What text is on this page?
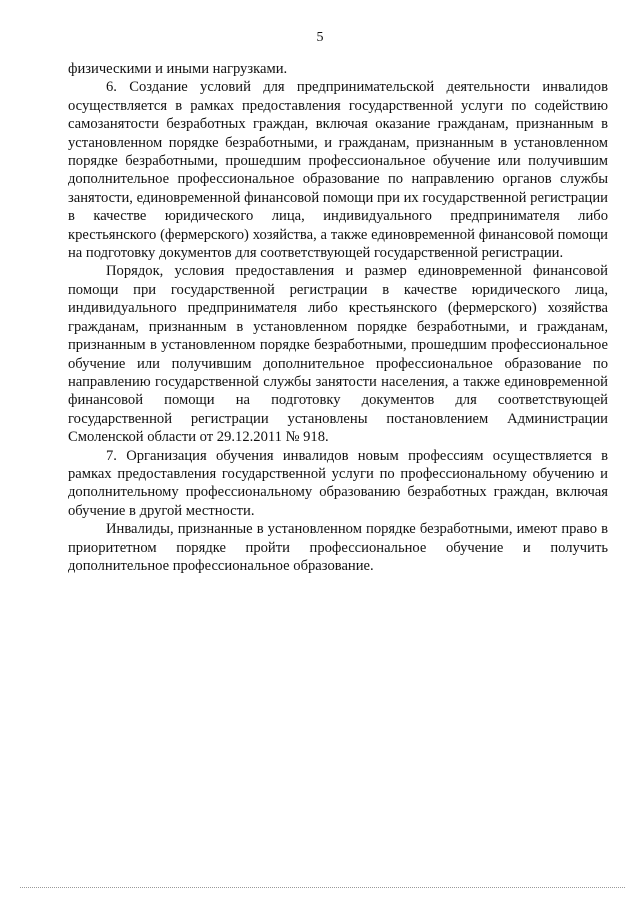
5

физическими и иными нагрузками.

6. Создание условий для предпринимательской деятельности инвалидов осуществляется в рамках предоставления государственной услуги по содействию самозанятости безработных граждан, включая оказание гражданам, признанным в установленном порядке безработными, и гражданам, признанным в установленном порядке безработными, прошедшим профессиональное обучение или получившим дополнительное профессиональное образование по направлению органов службы занятости, единовременной финансовой помощи при их государственной регистрации в качестве юридического лица, индивидуального предпринимателя либо крестьянского (фермерского) хозяйства, а также единовременной финансовой помощи на подготовку документов для соответствующей государственной регистрации.

Порядок, условия предоставления и размер единовременной финансовой помощи при государственной регистрации в качестве юридического лица, индивидуального предпринимателя либо крестьянского (фермерского) хозяйства гражданам, признанным в установленном порядке безработными, и гражданам, признанным в установленном порядке безработными, прошедшим профессиональное обучение или получившим дополнительное профессиональное образование по направлению государственной службы занятости населения, а также единовременной финансовой помощи на подготовку документов для соответствующей государственной регистрации установлены постановлением Администрации Смоленской области от 29.12.2011 № 918.

7. Организация обучения инвалидов новым профессиям осуществляется в рамках предоставления государственной услуги по профессиональному обучению и дополнительному профессиональному образованию безработных граждан, включая обучение в другой местности.

Инвалиды, признанные в установленном порядке безработными, имеют право в приоритетном порядке пройти профессиональное обучение и получить дополнительное профессиональное образование.
